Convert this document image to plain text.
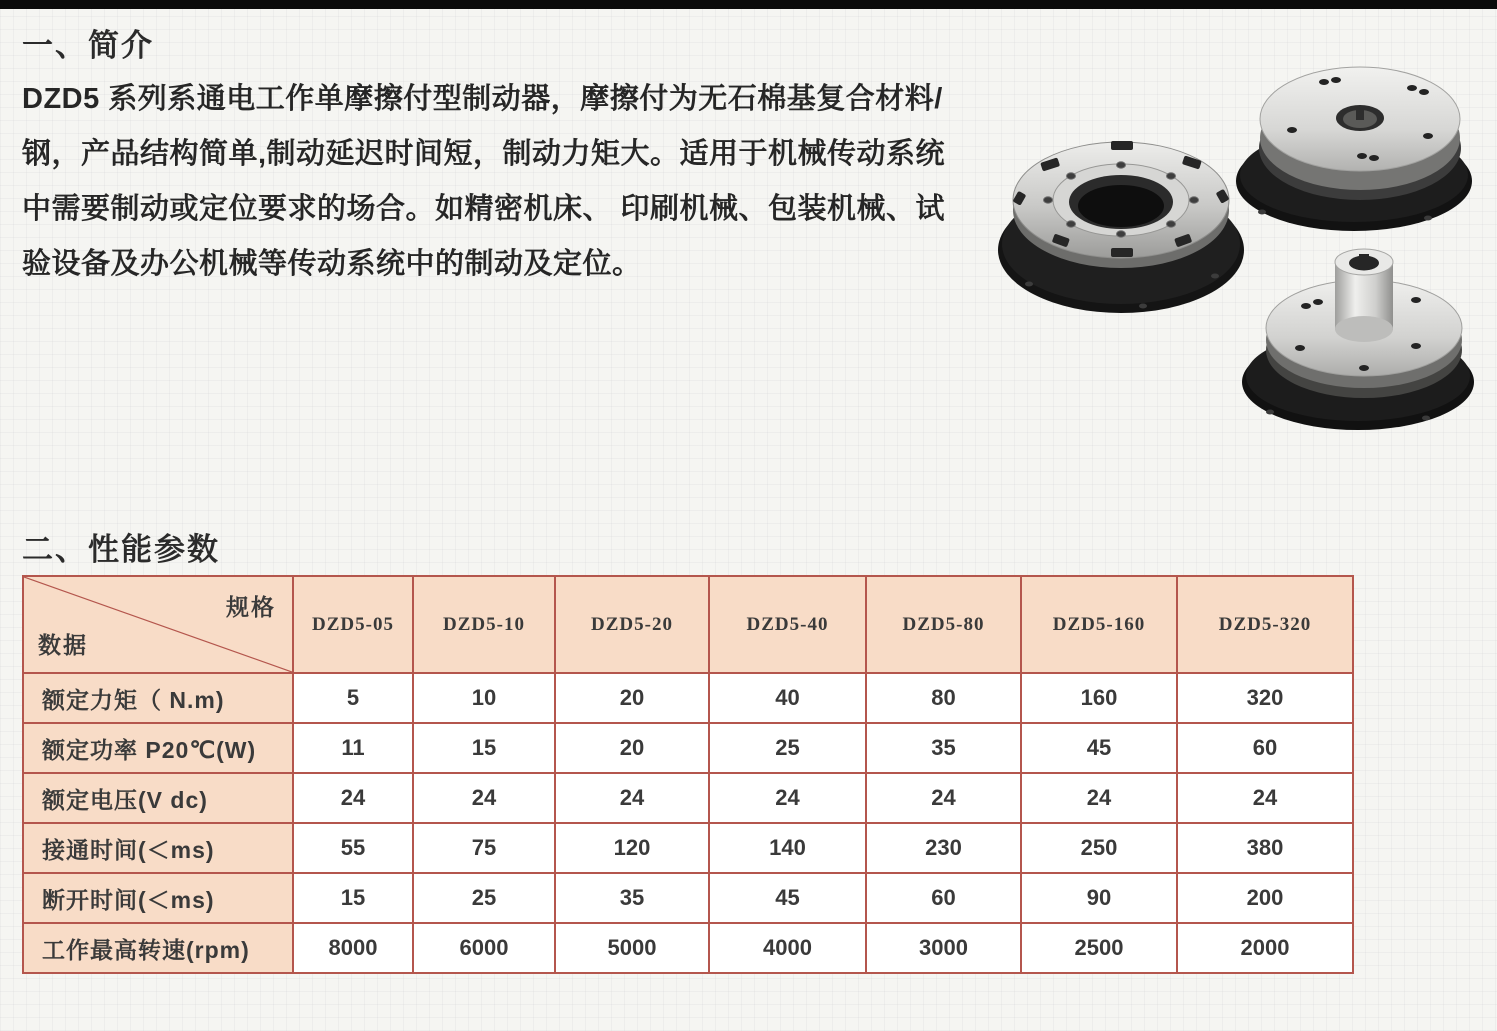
一、简介
DZD5 系列系通电工作单摩擦付型制动器，摩擦付为无石棉基复合材料/
钢，产品结构简单,制动延迟时间短，制动力矩大。适用于机械传动系统
中需要制动或定位要求的场合。如精密机床、 印刷机械、包装机械、试
验设备及办公机械等传动系统中的制动及定位。
二、性能参数
规格
数据	DZD5-05	DZD5-10	DZD5-20	DZD5-40	DZD5-80	DZD5-160	DZD5-320
额定力矩（ N.m)	5	10	20	40	80	160	320
额定功率 P20℃(W)	11	15	20	25	35	45	60
额定电压(V dc)	24	24	24	24	24	24	24
接通时间(＜ms)	55	75	120	140	230	250	380
断开时间(＜ms)	15	25	35	45	60	90	200
工作最高转速(rpm)	8000	6000	5000	4000	3000	2500	2000
